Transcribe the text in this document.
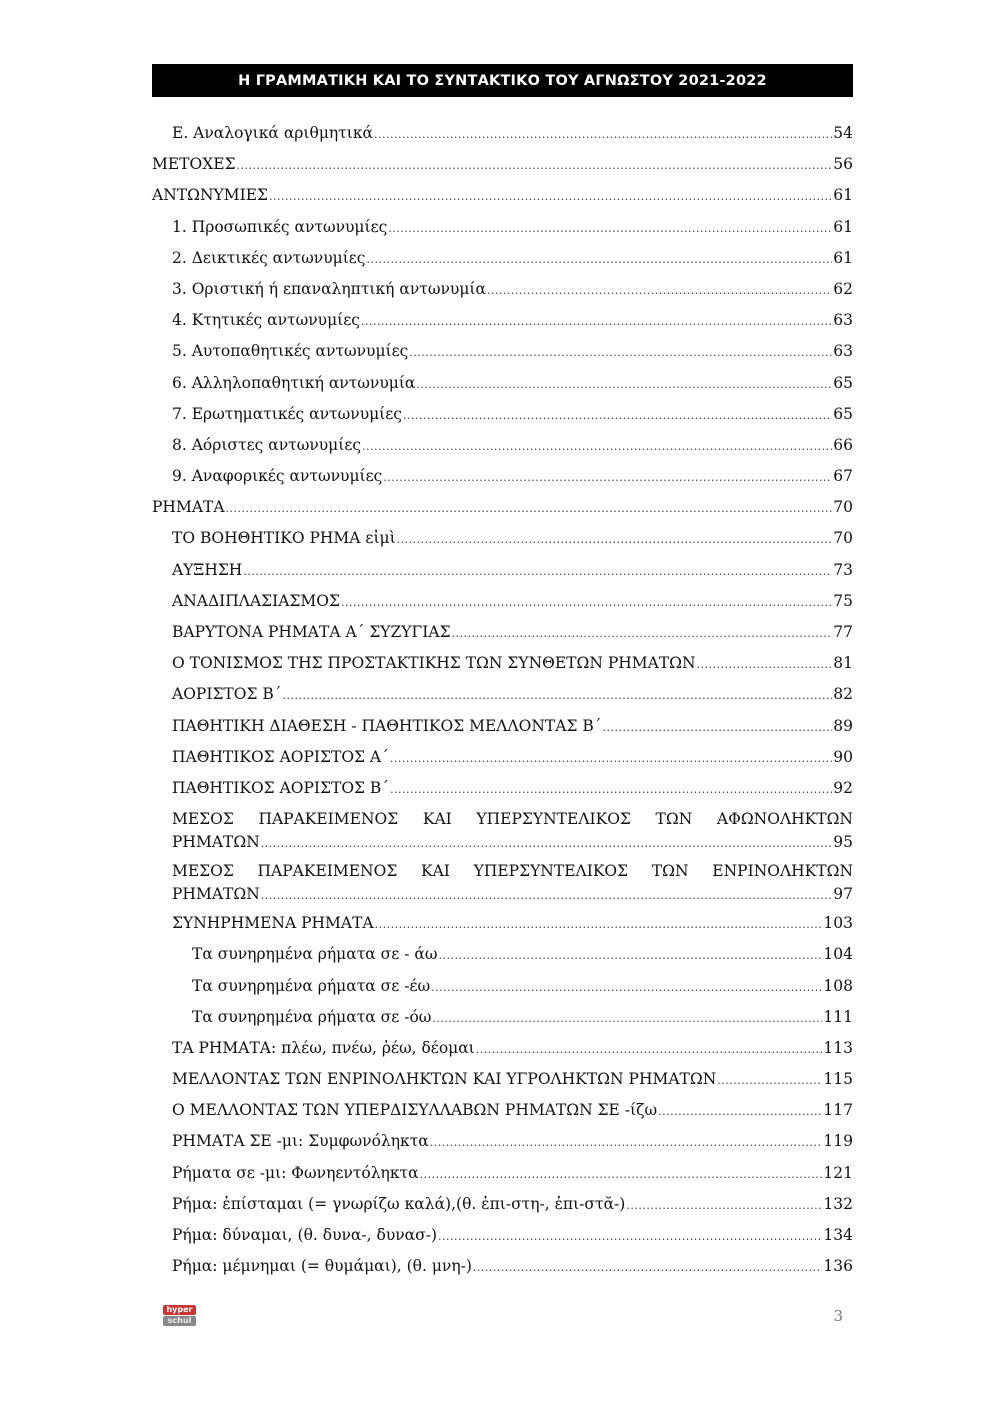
Η ΓΡΑΜΜΑΤΙΚΗ ΚΑΙ ΤΟ ΣΥΝΤΑΚΤΙΚΟ ΤΟΥ ΑΓΝΩΣΤΟΥ 2021-2022
Ε. Αναλογικά αριθμητικά .....	54
ΜΕΤΟΧΕΣ .....	56
ΑΝΤΩΝΥΜΙΕΣ .....	61
1. Προσωπικές αντωνυμίες .....	61
2. Δεικτικές αντωνυμίες .....	61
3. Οριστική ή επαναληπτική αντωνυμία .....	62
4. Κτητικές αντωνυμίες .....	63
5. Αυτοπαθητικές αντωνυμίες .....	63
6. Αλληλοπαθητική αντωνυμία .....	65
7. Ερωτηματικές αντωνυμίες .....	65
8. Αόριστες αντωνυμίες .....	66
9. Αναφορικές αντωνυμίες .....	67
ΡΗΜΑΤΑ .....	70
ΤΟ ΒΟΗΘΗΤΙΚΟ ΡΗΜΑ εἰμὶ .....	70
ΑΥΞΗΣΗ .....	73
ΑΝΑΔΙΠΛΑΣΙΑΣΜΟΣ .....	75
ΒΑΡΥΤΟΝΑ ΡΗΜΑΤΑ Α΄ ΣΥΖΥΓΙΑΣ .....	77
Ο ΤΟΝΙΣΜΟΣ ΤΗΣ ΠΡΟΣΤΑΚΤΙΚΗΣ ΤΩΝ ΣΥΝΘΕΤΩΝ ΡΗΜΑΤΩΝ .....	81
ΑΟΡΙΣΤΟΣ Β΄ .....	82
ΠΑΘΗΤΙΚΗ ΔΙΑΘΕΣΗ - ΠΑΘΗΤΙΚΟΣ ΜΕΛΛΟΝΤΑΣ Β΄ .....	89
ΠΑΘΗΤΙΚΟΣ ΑΟΡΙΣΤΟΣ Α΄ .....	90
ΠΑΘΗΤΙΚΟΣ ΑΟΡΙΣΤΟΣ Β΄ .....	92
ΜΕΣΟΣ ΠΑΡΑΚΕΙΜΕΝΟΣ ΚΑΙ ΥΠΕΡΣΥΝΤΕΛΙΚΟΣ ΤΩΝ ΑΦΩΝΟΛΗΚΤΩΝ
ΡΗΜΑΤΩΝ .....	95
ΜΕΣΟΣ ΠΑΡΑΚΕΙΜΕΝΟΣ ΚΑΙ ΥΠΕΡΣΥΝΤΕΛΙΚΟΣ ΤΩΝ ΕΝΡΙΝΟΛΗΚΤΩΝ
ΡΗΜΑΤΩΝ .....	97
ΣΥΝΗΡΗΜΕΝΑ ΡΗΜΑΤΑ .....	103
Τα συνηρημένα ρήματα σε - άω .....	104
Τα συνηρημένα ρήματα σε -έω .....	108
Τα συνηρημένα ρήματα σε -όω .....	111
ΤΑ ΡΗΜΑΤΑ: πλέω, πνέω, ῥέω, δέομαι .....	113
ΜΕΛΛΟΝΤΑΣ ΤΩΝ ΕΝΡΙΝΟΛΗΚΤΩΝ ΚΑΙ ΥΓΡΟΛΗΚΤΩΝ ΡΗΜΑΤΩΝ .....	115
Ο ΜΕΛΛΟΝΤΑΣ ΤΩΝ ΥΠΕΡΔΙΣΥΛΛΑΒΩΝ ΡΗΜΑΤΩΝ ΣΕ -ίζω .....	117
ΡΗΜΑΤΑ ΣΕ -μι: Συμφωνόληκτα .....	119
Ρήματα σε -μι: Φωνηεντόληκτα .....	121
Ρήμα: ἐπίσταμαι (= γνωρίζω καλά),(θ. ἐπι-στη-, ἐπι-στᾰ-) .....	132
Ρήμα: δύναμαι, (θ. δυνα-, δυνασ-) .....	134
Ρήμα: μέμνημαι (= θυμάμαι), (θ. μνη-) .....	136
hyper
schul	3
